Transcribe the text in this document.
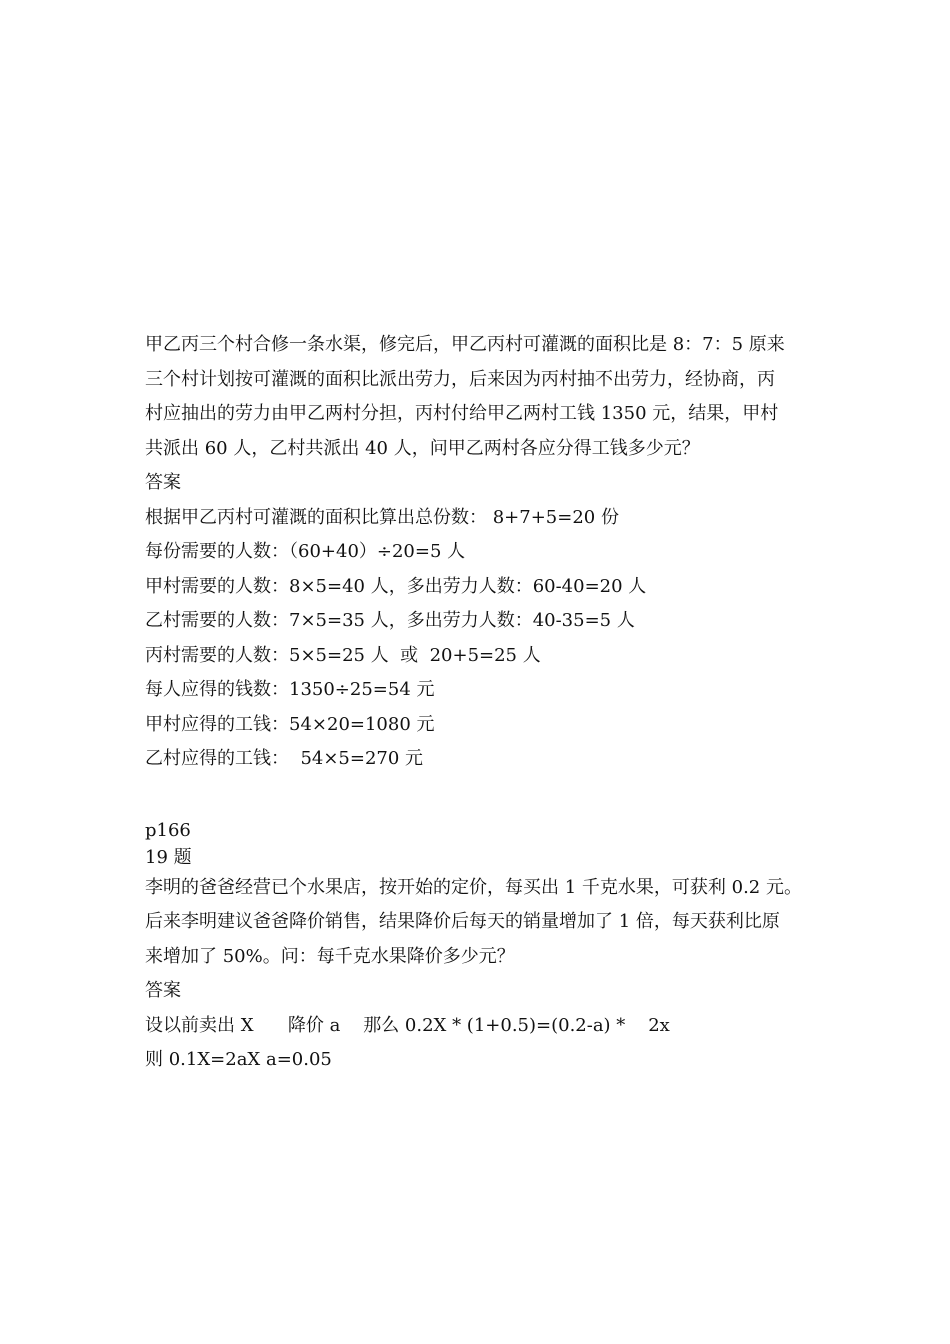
甲乙丙三个村合修一条水渠，修完后，甲乙丙村可灌溉的面积比是 8：7：5 原来

三个村计划按可灌溉的面积比派出劳力，后来因为丙村抽不出劳力，经协商，丙

村应抽出的劳力由甲乙两村分担，丙村付给甲乙两村工钱 1350 元，结果，甲村

共派出 60 人，乙村共派出 40 人，问甲乙两村各应分得工钱多少元？

答案

根据甲乙丙村可灌溉的面积比算出总份数： 8+7+5=20 份

每份需要的人数：（60+40）÷20=5 人

甲村需要的人数：8×5=40 人，多出劳力人数：60-40=20 人

乙村需要的人数：7×5=35 人，多出劳力人数：40-35=5 人

丙村需要的人数：5×5=25 人  或  20+5=25 人

每人应得的钱数：1350÷25=54 元

甲村应得的工钱：54×20=1080 元

乙村应得的工钱：  54×5=270 元

p166

19 题

李明的爸爸经营已个水果店，按开始的定价，每买出 1 千克水果，可获利 0.2 元。

后来李明建议爸爸降价销售，结果降价后每天的销量增加了 1 倍，每天获利比原

来增加了 50%。问：每千克水果降价多少元？

答案

设以前卖出 X      降价 a    那么 0.2X * (1+0.5)=(0.2-a) *    2x

则 0.1X=2aX a=0.05
